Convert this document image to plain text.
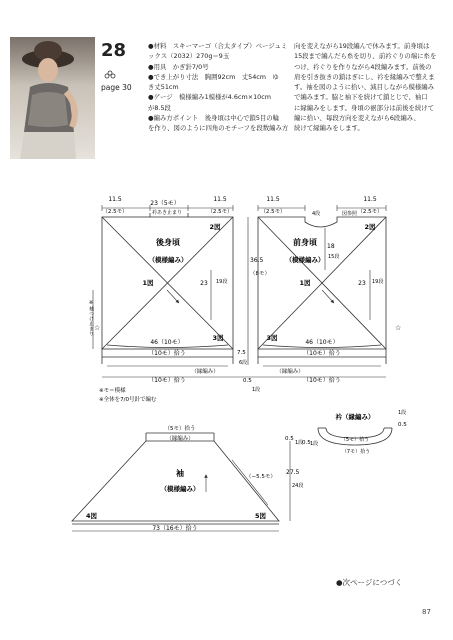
28
page 30
●材料　スキーマーゴ（合太タイプ）ベージュミ
ックス（2032）270g＝9玉
●用具　かぎ針7/0号
●でき上がり寸法　胸囲92cm　丈54cm　ゆ
き丈51cm
●ゲージ　模様編み1模様が4.6cm×10cm
が8.5段
●編み方ポイント　後身頃は中心で鎖5目の輪
を作り、図のように四角のモチーフを段数編み方
向を変えながら19段編んで休みます。前身頃は
15段まで編んだら糸を切り、前衿ぐりの端に糸を
つけ、衿ぐりを作りながら4段編みます。前後の
肩を引き抜きの鎖はぎにし、衿を縁編みで整えま
す。袖を図のように拾い、減目しながら模様編み
で編みます。脇と袖下を続けて鎖とじで、袖口
に縁編みをします。身頃の裾部分は前後を続けて
編に拾い、毎段方向を変えながら6段編み、
続けて縁編みをします。
11.5
（2.5モ）
23（5モ）
衿あき止まり
11.5
（2.5モ）
2図
後身頃
（模様編み）
1図	23 19段
3図
46（10モ）
（10モ）拾う
36.5
（8モ）
※袖つけ止まり
11.5
（2.5モ）
11.5
（2.5モ）
4段	図参照
2図
前身頃
（模様編み）
18
15段
1図	23 19段
3図
46（10モ）
（10モ）拾う
（縁編み）	（縁編み）
（10モ）拾う	（10モ）拾う
7.5
6段
0.5
1段
※モ＝模様
※全体を7/0号針で編む
（5モ）拾う
（縁編み）
袖
（模様編み）
（−5.5モ）
0.5
1段
27.5
24段
4図	5図
73（16モ）拾う
衿（縁編み）
0.5 1段
（5モ）拾う
（7モ）拾う
0.5
1段
☆	☆
●次ページにつづく
87
